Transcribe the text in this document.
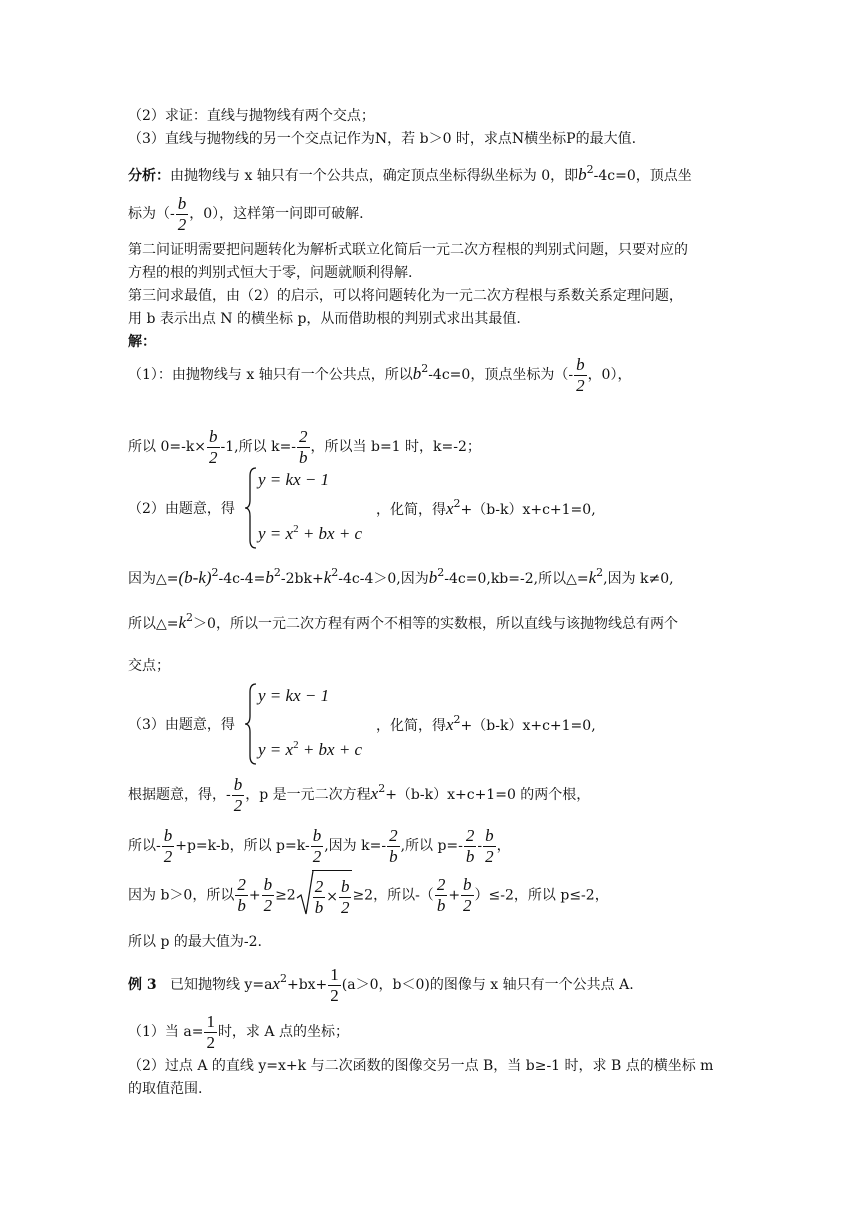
（2）求证：直线与抛物线有两个交点；
（3）直线与抛物线的另一个交点记作为N，若 b＞0 时，求点N横坐标P的最大值.
分析：由抛物线与 x 轴只有一个公共点，确定顶点坐标得纵坐标为 0，即$b^2-4c=0$，顶点坐
标为（- $\frac{b}{2}$ ，0），这样第一问即可破解.
第二问证明需要把问题转化为解析式联立化简后一元二次方程根的判别式问题，只要对应的
方程的根的判别式恒大于零，问题就顺利得解.
第三问求最值，由（2）的启示，可以将问题转化为一元二次方程根与系数关系定理问题，
用 b 表示出点 N 的横坐标 p，从而借助根的判别式求出其最值.
解：
（1）：由抛物线与 x 轴只有一个公共点，所以$b^2-4c=0$，顶点坐标为（- $\frac{b}{2}$ ，0），
所以 $0=-k\times \frac{b}{2} -1$,所以 $k=- \frac{2}{b}$ ，所以当 b=1 时，k=-2；
（2）由题意，得
y = kx − 1
$y = x^2$ + bx + c
，化简，得$x^2+(b-k)x+c+1=0$,
因为$\triangle=(b-k)^2-4c-4=b^2-2bk+k^2-4c-4>0$,因为$b^2-4c=0,kb=-2$,所以$\triangle=k^2$,因为 k≠0,
所以$\triangle=k^2>0$，所以一元二次方程有两个不相等的实数根，所以直线与该抛物线总有两个
交点；
（3）由题意，得
y = kx − 1
$y = x^2$ + bx + c
，化简，得$x^2+(b-k)x+c+1=0$,
根据题意，得，- $\frac{b}{2}$ ，p 是一元二次方程$x^2+(b-k)x+c+1=0$ 的两个根，
所以- $\frac{b}{2} +p=k-b$，所以 $p=k- \frac{b}{2}$ ,因为 $k=- \frac{2}{b}$ ,所以 $p=- \frac{2}{b} - \frac{b}{2}$ ，
因为 b＞0，所以 $\frac{2}{b} + \frac{b}{2} \ge 2 \frac{2}{b} \times \frac{b}{2} \ge 2$，所以-（ $\frac{2}{b} + \frac{b}{2} )\le-2$，所以 p≤-2，
所以 p 的最大值为-2.
例 3 已知抛物线 $y=ax^2+bx+ \frac{1}{2} (a>0$，b＜0)的图像与 x 轴只有一个公共点 A.
（1）当 $a= \frac{1}{2}$ 时，求 A 点的坐标；
（2）过点 A 的直线 y=x+k 与二次函数的图像交另一点 B，当 b≥-1 时，求 B 点的横坐标 m
的取值范围.
